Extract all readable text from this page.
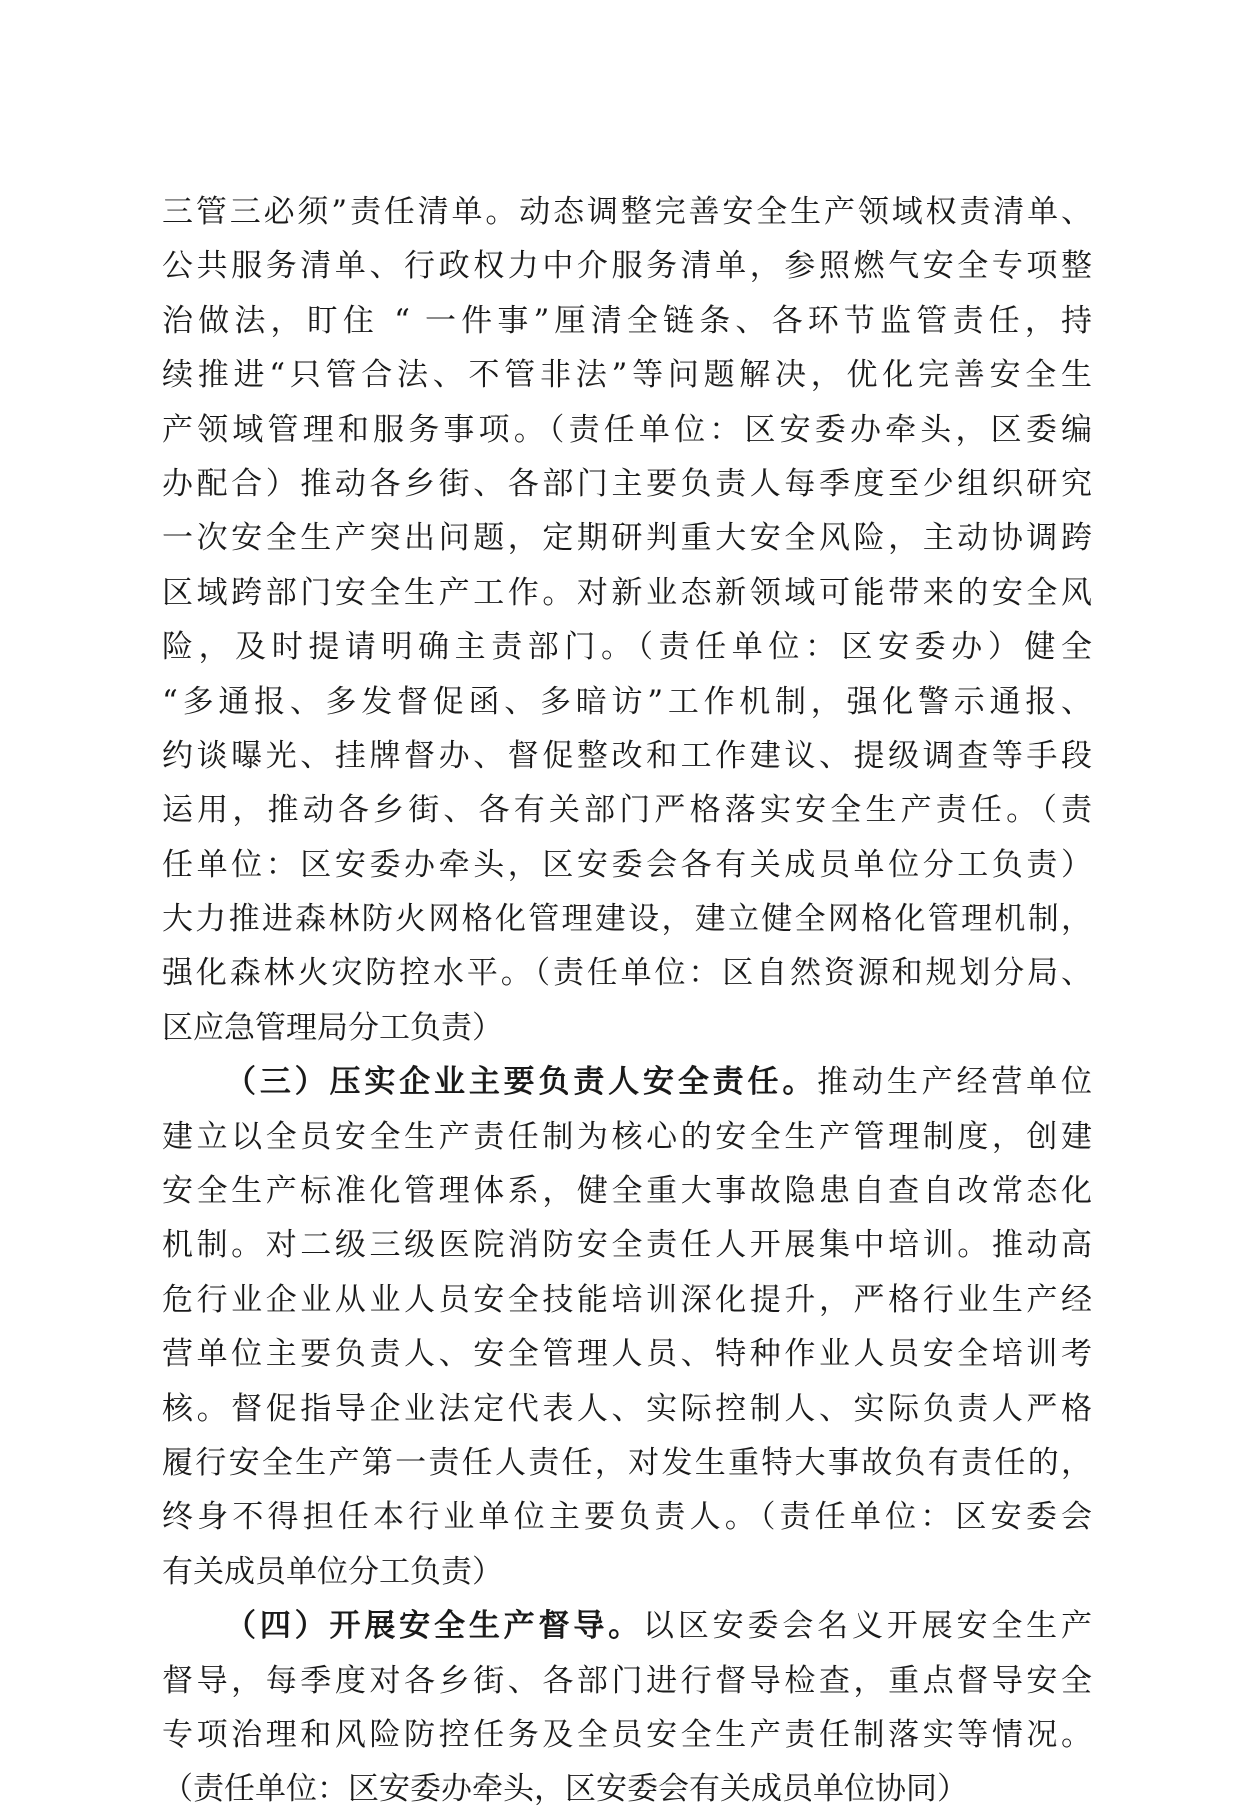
三管三必须”责任清单。动态调整完善安全生产领域权责清单、
公共服务清单、行政权力中介服务清单，参照燃气安全专项整
治做法，盯住 “ 一件事”厘清全链条、各环节监管责任，持
续推进“只管合法、不管非法”等问题解决，优化完善安全生
产领域管理和服务事项。（责任单位：区安委办牵头，区委编
办配合）推动各乡街、各部门主要负责人每季度至少组织研究
一次安全生产突出问题，定期研判重大安全风险，主动协调跨
区域跨部门安全生产工作。对新业态新领域可能带来的安全风
险，及时提请明确主责部门。（责任单位：区安委办）健全
“多通报、多发督促函、多暗访”工作机制，强化警示通报、
约谈曝光、挂牌督办、督促整改和工作建议、提级调查等手段
运用，推动各乡街、各有关部门严格落实安全生产责任。（责
任单位：区安委办牵头，区安委会各有关成员单位分工负责）
大力推进森林防火网格化管理建设，建立健全网格化管理机制，
强化森林火灾防控水平。（责任单位：区自然资源和规划分局、
区应急管理局分工负责）
（三）压实企业主要负责人安全责任。推动生产经营单位
建立以全员安全生产责任制为核心的安全生产管理制度，创建
安全生产标准化管理体系，健全重大事故隐患自查自改常态化
机制。对二级三级医院消防安全责任人开展集中培训。推动高
危行业企业从业人员安全技能培训深化提升，严格行业生产经
营单位主要负责人、安全管理人员、特种作业人员安全培训考
核。督促指导企业法定代表人、实际控制人、实际负责人严格
履行安全生产第一责任人责任，对发生重特大事故负有责任的，
终身不得担任本行业单位主要负责人。（责任单位：区安委会
有关成员单位分工负责）
（四）开展安全生产督导。以区安委会名义开展安全生产
督导，每季度对各乡街、各部门进行督导检查，重点督导安全
专项治理和风险防控任务及全员安全生产责任制落实等情况。
（责任单位：区安委办牵头，区安委会有关成员单位协同）
